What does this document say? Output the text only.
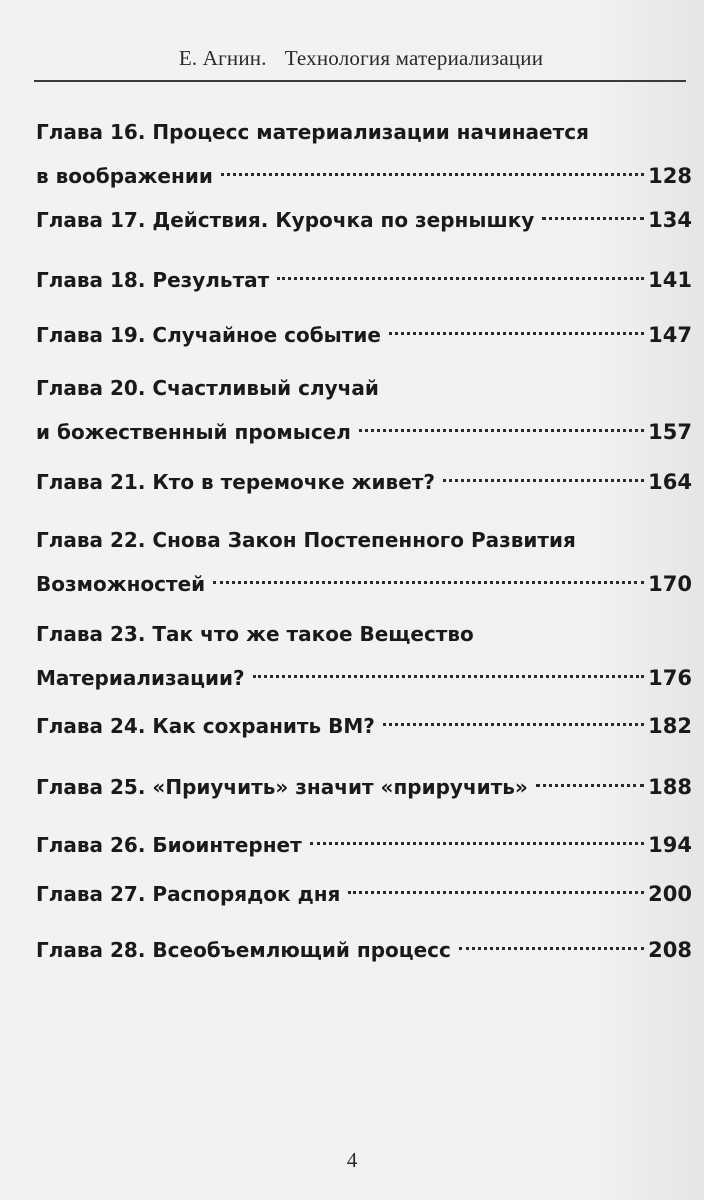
Е. Агнин. Технология материализации
Глава 16. Процесс материализации начинается
в воображении	128
Глава 17. Действия. Курочка по зернышку	134
Глава 18. Результат	141
Глава 19. Случайное событие	147
Глава 20. Счастливый случай
и божественный промысел	157
Глава 21. Кто в теремочке живет?	164
Глава 22. Снова Закон Постепенного Развития
Возможностей	170
Глава 23. Так что же такое Вещество
Материализации?	176
Глава 24. Как сохранить ВМ?	182
Глава 25. «Приучить» значит «приручить»	188
Глава 26. Биоинтернет	194
Глава 27. Распорядок дня	200
Глава 28. Всеобъемлющий процесс	208
4
